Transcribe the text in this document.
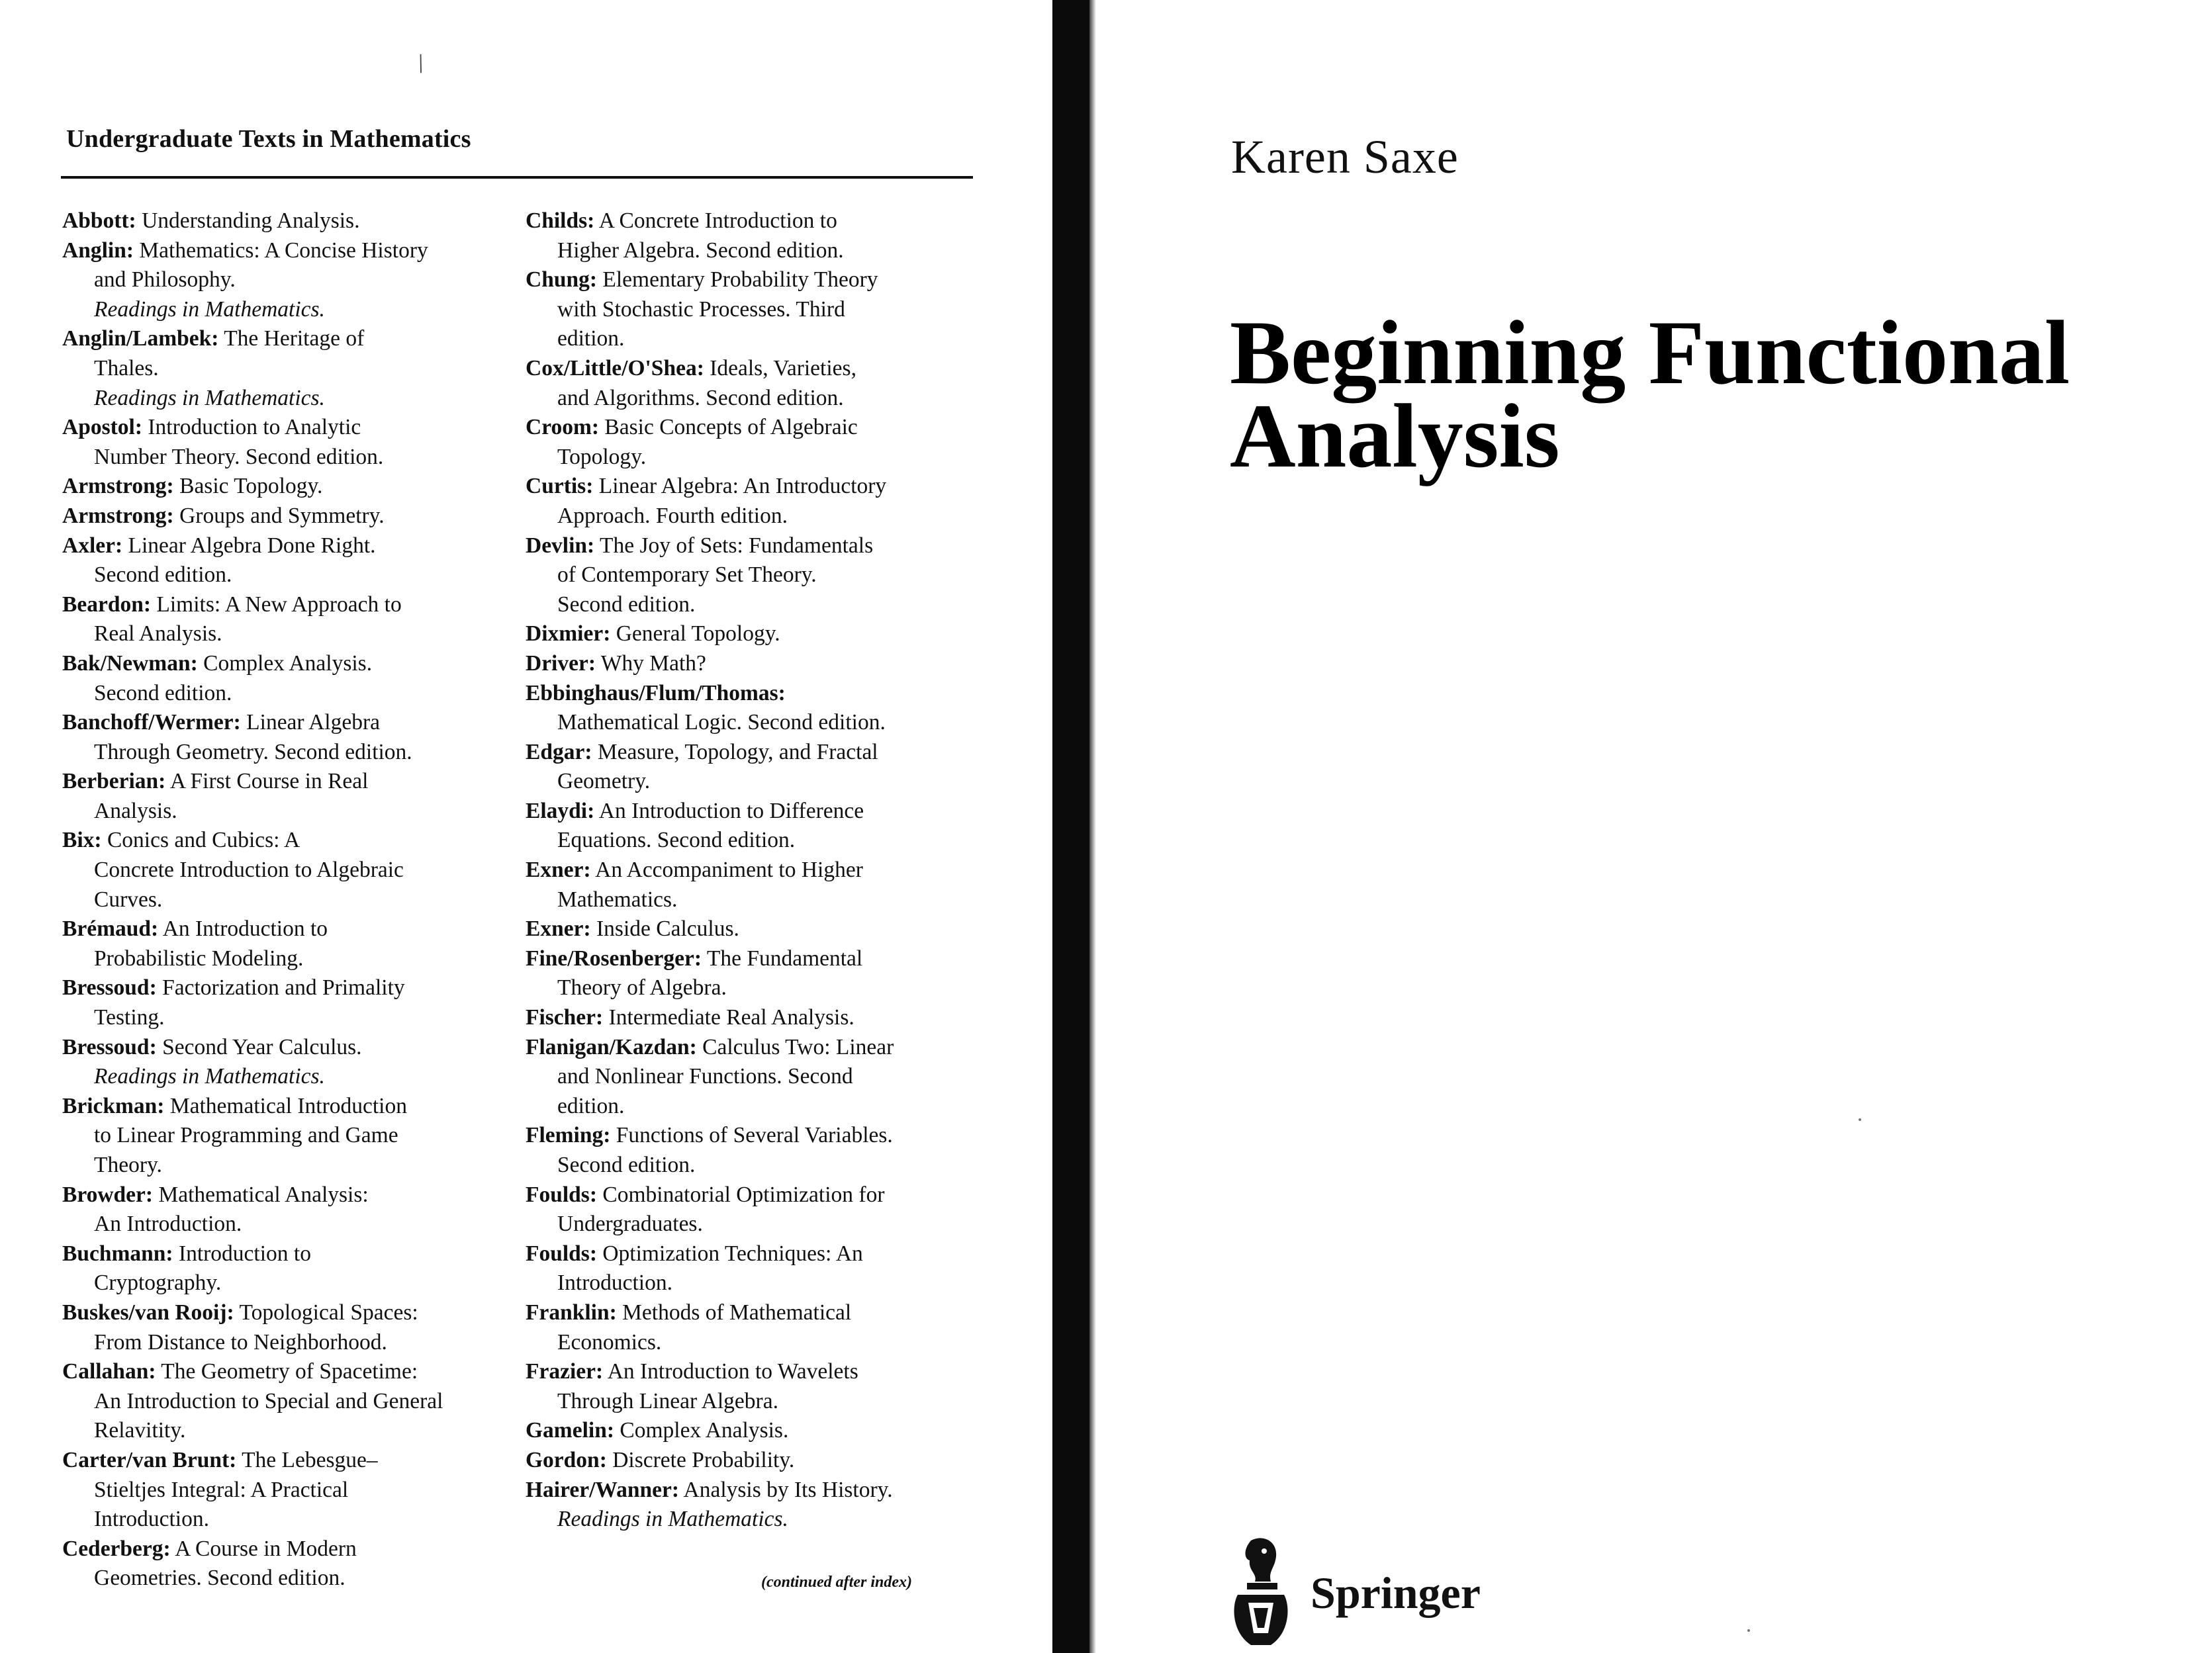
/
Undergraduate Texts in Mathematics
Abbott: Understanding Analysis.
Anglin: Mathematics: A Concise History
and Philosophy.
Readings in Mathematics.
Anglin/Lambek: The Heritage of
Thales.
Readings in Mathematics.
Apostol: Introduction to Analytic
Number Theory. Second edition.
Armstrong: Basic Topology.
Armstrong: Groups and Symmetry.
Axler: Linear Algebra Done Right.
Second edition.
Beardon: Limits: A New Approach to
Real Analysis.
Bak/Newman: Complex Analysis.
Second edition.
Banchoff/Wermer: Linear Algebra
Through Geometry. Second edition.
Berberian: A First Course in Real
Analysis.
Bix: Conics and Cubics: A
Concrete Introduction to Algebraic
Curves.
Brémaud: An Introduction to
Probabilistic Modeling.
Bressoud: Factorization and Primality
Testing.
Bressoud: Second Year Calculus.
Readings in Mathematics.
Brickman: Mathematical Introduction
to Linear Programming and Game
Theory.
Browder: Mathematical Analysis:
An Introduction.
Buchmann: Introduction to
Cryptography.
Buskes/van Rooij: Topological Spaces:
From Distance to Neighborhood.
Callahan: The Geometry of Spacetime:
An Introduction to Special and General
Relavitity.
Carter/van Brunt: The Lebesgue–
Stieltjes Integral: A Practical
Introduction.
Cederberg: A Course in Modern
Geometries. Second edition.
Childs: A Concrete Introduction to
Higher Algebra. Second edition.
Chung: Elementary Probability Theory
with Stochastic Processes. Third
edition.
Cox/Little/O'Shea: Ideals, Varieties,
and Algorithms. Second edition.
Croom: Basic Concepts of Algebraic
Topology.
Curtis: Linear Algebra: An Introductory
Approach. Fourth edition.
Devlin: The Joy of Sets: Fundamentals
of Contemporary Set Theory.
Second edition.
Dixmier: General Topology.
Driver: Why Math?
Ebbinghaus/Flum/Thomas:
Mathematical Logic. Second edition.
Edgar: Measure, Topology, and Fractal
Geometry.
Elaydi: An Introduction to Difference
Equations. Second edition.
Exner: An Accompaniment to Higher
Mathematics.
Exner: Inside Calculus.
Fine/Rosenberger: The Fundamental
Theory of Algebra.
Fischer: Intermediate Real Analysis.
Flanigan/Kazdan: Calculus Two: Linear
and Nonlinear Functions. Second
edition.
Fleming: Functions of Several Variables.
Second edition.
Foulds: Combinatorial Optimization for
Undergraduates.
Foulds: Optimization Techniques: An
Introduction.
Franklin: Methods of Mathematical
Economics.
Frazier: An Introduction to Wavelets
Through Linear Algebra.
Gamelin: Complex Analysis.
Gordon: Discrete Probability.
Hairer/Wanner: Analysis by Its History.
Readings in Mathematics.
(continued after index)
Karen Saxe
Beginning Functional
Analysis
Springer
